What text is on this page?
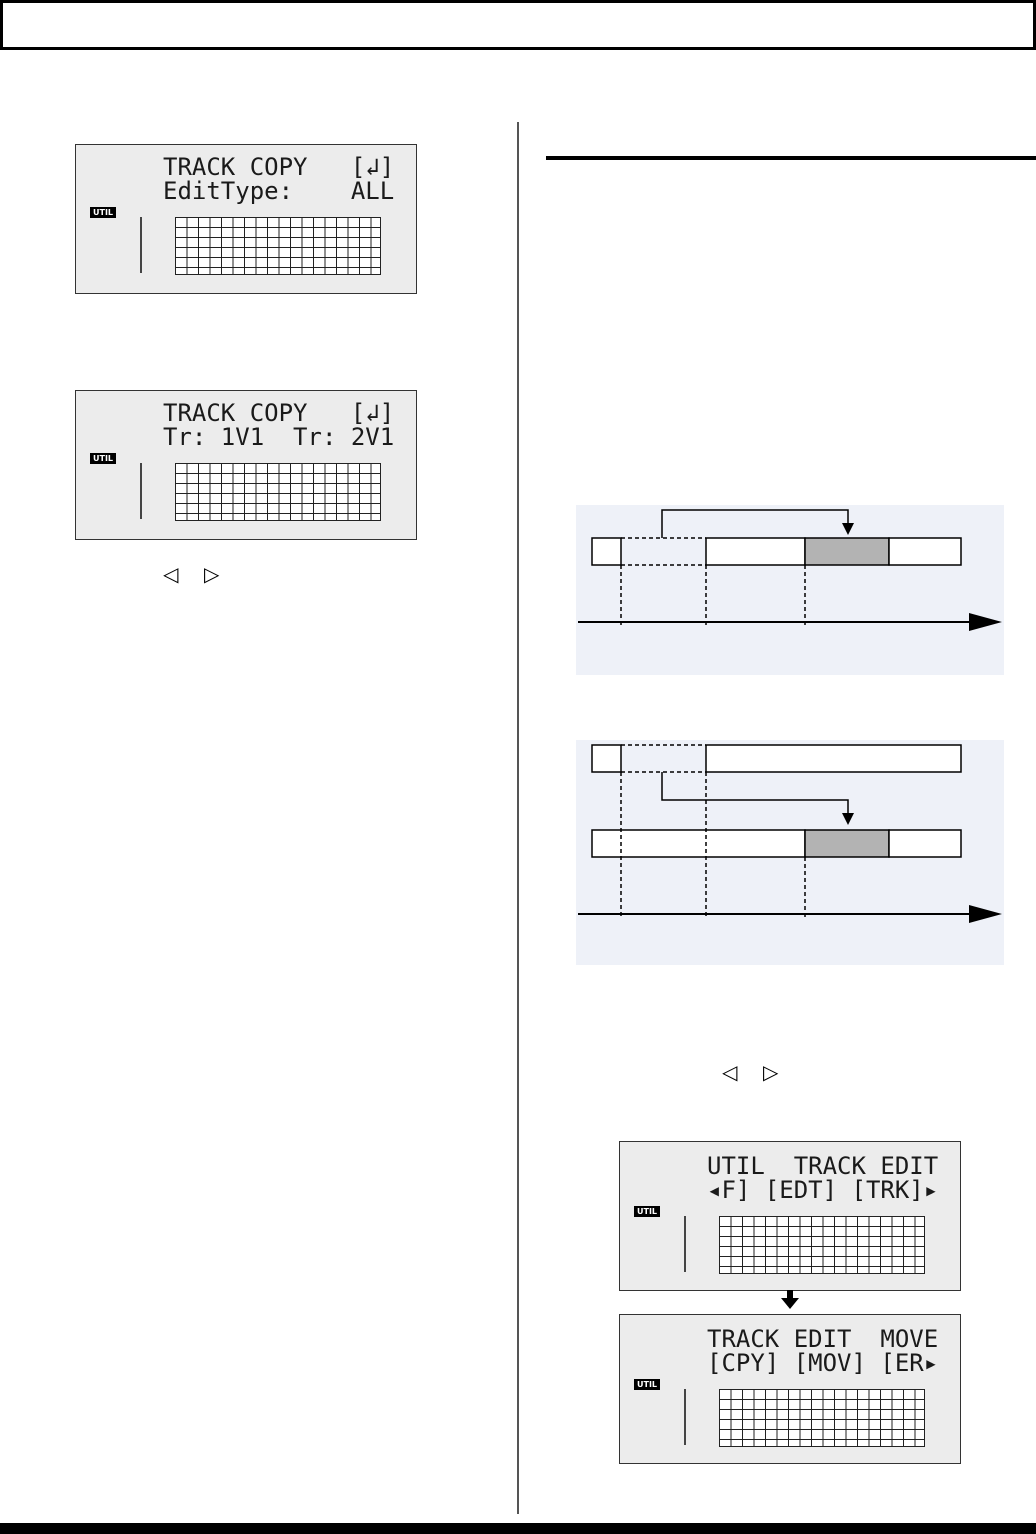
TRACK COPY   [↲]
EditType:    ALL
UTIL
TRACK COPY   [↲]
Tr: 1V1  Tr: 2V1
UTIL
◁ ▷
◁ ▷
UTIL  TRACK EDIT
◂F] [EDT] [TRK]▸
UTIL
TRACK EDIT  MOVE
[CPY] [MOV] [ER▸
UTIL
